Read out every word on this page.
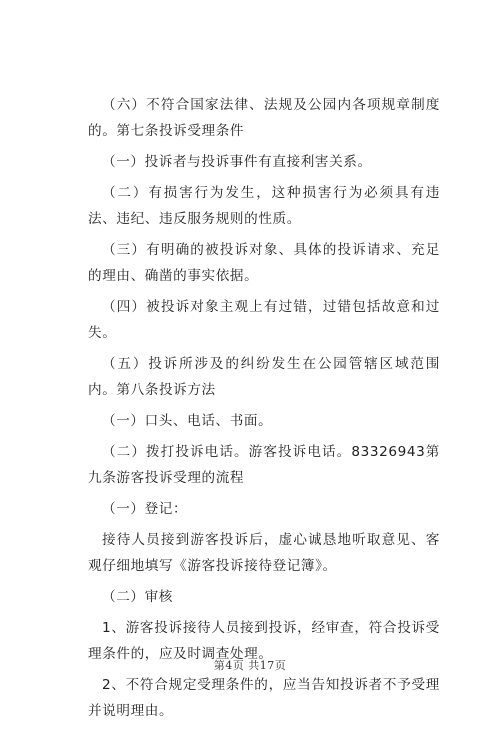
（六）不符合国家法律、法规及公园内各项规章制度的。第七条投诉受理条件

（一）投诉者与投诉事件有直接利害关系。

（二）有损害行为发生，这种损害行为必须具有违法、违纪、违反服务规则的性质。

（三）有明确的被投诉对象、具体的投诉请求、充足的理由、确凿的事实依据。

（四）被投诉对象主观上有过错，过错包括故意和过失。

（五）投诉所涉及的纠纷发生在公园管辖区域范围内。第八条投诉方法

（一）口头、电话、书面。

（二）拨打投诉电话。游客投诉电话。83326943第九条游客投诉受理的流程

（一）登记：

接待人员接到游客投诉后，虚心诚恳地听取意见、客观仔细地填写《游客投诉接待登记簿》。

（二）审核

1、游客投诉接待人员接到投诉，经审查，符合投诉受理条件的，应及时调查处理。

2、不符合规定受理条件的，应当告知投诉者不予受理并说明理由。

第4页 共17页
